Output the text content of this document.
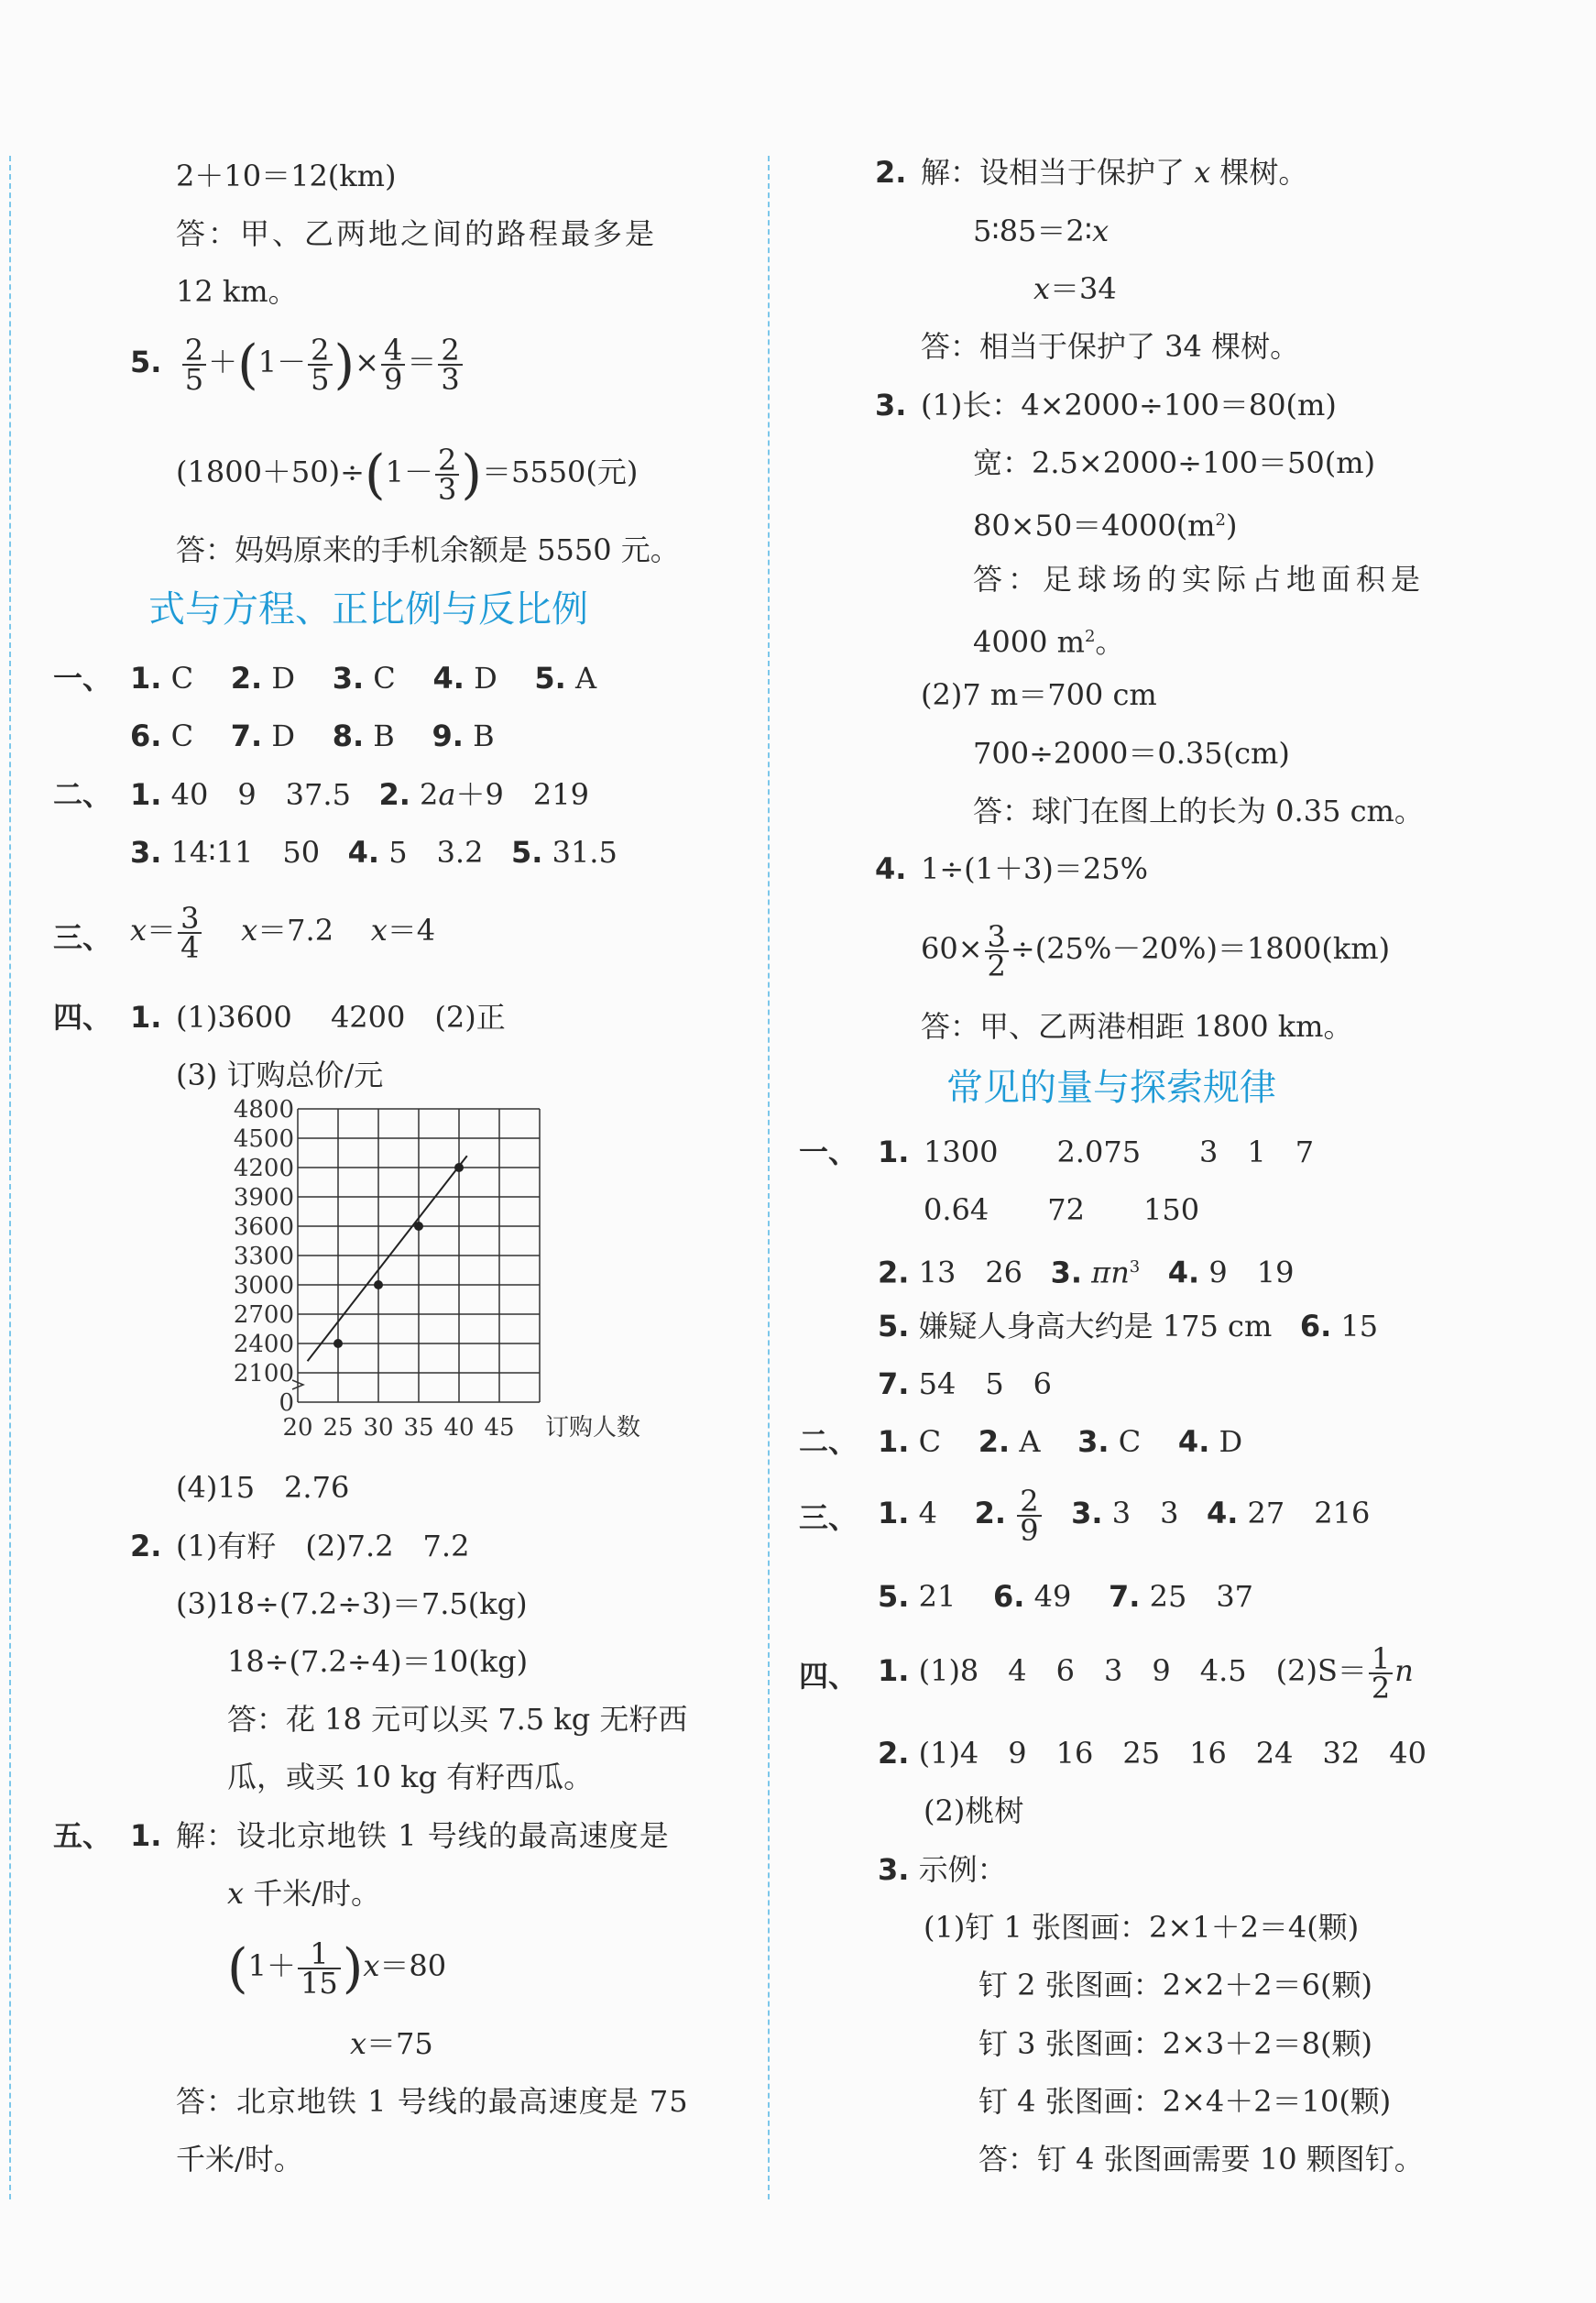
2＋10＝12(km)
答：甲、乙两地之间的路程最多是
12 km。
5. $\frac{2}{5} +(1- \frac{2}{5}$ )× $\frac{4}{9} = \frac{2}{3}$
$(1800+50)\div(1- \frac{2}{3} )=5550$(元)
答：妈妈原来的手机余额是 5550 元。
式与方程、正比例与反比例
一、 1. C 2. D 3. C 4. D 5. A
6. C 7. D 8. B 9. B
二、 1. 40　9　37.5 2. 2a＋9　219
3. 14∶11　50 4. 5　3.2 5. 31.5
三、 $x= \frac{3}{4} x=7.2$ x＝4
四、 1. (1)3600　 4200　(2)正
(3) 订购总价/元
0
2100
2400
2700
3000
3300
3600
3900
4200
4500
4800
20 25 30 35 40 45 订购人数
(4)15　2.76
2. (1)有籽　(2)7.2　7.2
(3)18÷(7.2÷3)＝7.5(kg)
18÷(7.2÷4)＝10(kg)
答：花 18 元可以买 7.5 kg 无籽西
瓜，或买 10 kg 有籽西瓜。
五、 1. 解：设北京地铁 1 号线的最高速度是
x 千米/时。
$(1+ \frac{1}{15} )x=80$
x＝75
答：北京地铁 1 号线的最高速度是 75
千米/时。
2. 解：设相当于保护了 x 棵树。
5∶85＝2∶x
x＝34
答：相当于保护了 34 棵树。
3. (1)长：4×2000÷100＝80(m)
宽：2.5×2000÷100＝50(m)
$80\times 50=4000(m^2)$
答：足球场的实际占地面积是
4000 $m^2$。
(2)7 m＝700 cm
700÷2000＝0.35(cm)
答：球门在图上的长为 0.35 cm。
4. 1÷(1＋3)＝25%
$60\times \frac{3}{2} \div(25\%-20\%)=1800(km)$
答：甲、乙两港相距 1800 km。
常见的量与探索规律
一、 1. 1300　　2.075　　3　1　7
0.64　　72　　150
2. 13　26 3. $\pi n^3$ 4. 9　19
5. 嫌疑人身高大约是 175 cm 6. 15
7. 54　5　6
二、 1. C 2. A 3. C 4. D
三、 1. 4 2. $\frac{2}{9} 3$. 3　3 4. 27　216
5. 21 6. 49 7. 25　37
四、 1. (1)8　4　6　3　9　4.5　$(2)S= \frac{1}{2}$ n
2. (1)4　9　16　25　16　24　32　40
(2)桃树
3. 示例：
(1)钉 1 张图画：2×1＋2＝4(颗)
钉 2 张图画：2×2＋2＝6(颗)
钉 3 张图画：2×3＋2＝8(颗)
钉 4 张图画：2×4＋2＝10(颗)
答：钉 4 张图画需要 10 颗图钉。
